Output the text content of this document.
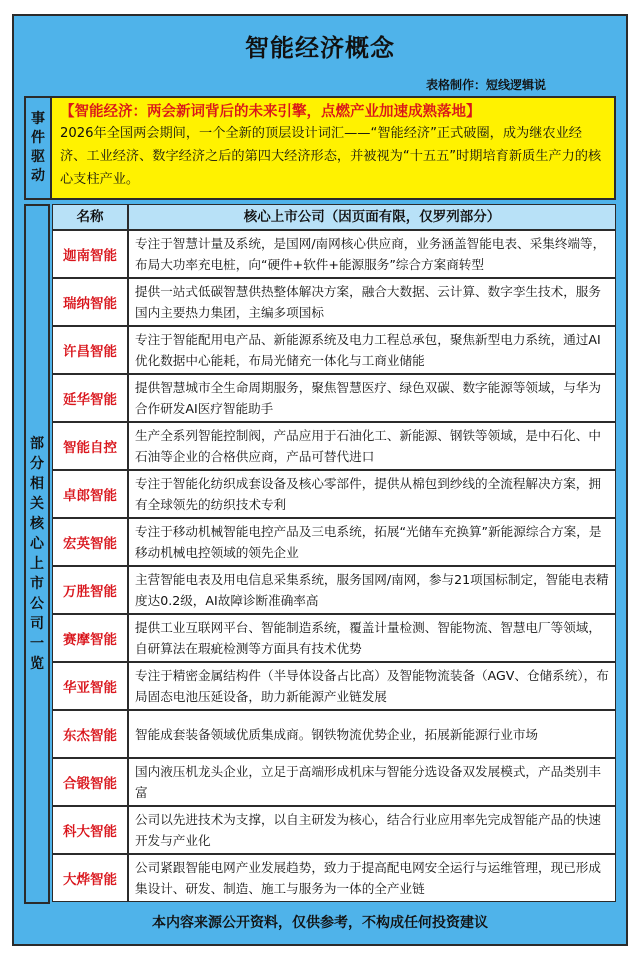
智能经济概念
表格制作：短线逻辑说
事
件
驱
动
【智能经济：两会新词背后的未来引擎，点燃产业加速成熟落地】
2026年全国两会期间，一个全新的顶层设计词汇——“智能经济”正式破圈，成为继农业经济、工业经济、数字经济之后的第四大经济形态，并被视为“十五五”时期培育新质生产力的核心支柱产业。
部
分
相
关
核
心
上
市
公
司
一
览
名称	核心上市公司（因页面有限，仅罗列部分）
迦南智能
专注于智慧计量及系统，是国网/南网核心供应商，业务涵盖智能电表、采集终端等，布局大功率充电桩，向“硬件+软件+能源服务”综合方案商转型
瑞纳智能
提供一站式低碳智慧供热整体解决方案，融合大数据、云计算、数字孪生技术，服务国内主要热力集团，主编多项国标
许昌智能
专注于智能配用电产品、新能源系统及电力工程总承包，聚焦新型电力系统，通过AI优化数据中心能耗，布局光储充一体化与工商业储能
延华智能
提供智慧城市全生命周期服务，聚焦智慧医疗、绿色双碳、数字能源等领域，与华为合作研发AI医疗智能助手
智能自控
生产全系列智能控制阀，产品应用于石油化工、新能源、钢铁等领域，是中石化、中石油等企业的合格供应商，产品可替代进口
卓郎智能
专注于智能化纺织成套设备及核心零部件，提供从棉包到纱线的全流程解决方案，拥有全球领先的纺织技术专利
宏英智能
专注于移动机械智能电控产品及三电系统，拓展“光储车充换算”新能源综合方案，是移动机械电控领域的领先企业
万胜智能
主营智能电表及用电信息采集系统，服务国网/南网，参与21项国标制定，智能电表精度达0.2级，AI故障诊断准确率高
赛摩智能
提供工业互联网平台、智能制造系统，覆盖计量检测、智能物流、智慧电厂等领域，自研算法在瑕疵检测等方面具有技术优势
华亚智能
专注于精密金属结构件（半导体设备占比高）及智能物流装备（AGV、仓储系统），布局固态电池压延设备，助力新能源产业链发展
东杰智能	智能成套装备领域优质集成商。钢铁物流优势企业，拓展新能源行业市场
合锻智能
国内液压机龙头企业，立足于高端形成机床与智能分选设备双发展模式，产品类别丰富
科大智能
公司以先进技术为支撑，以自主研发为核心，结合行业应用率先完成智能产品的快速开发与产业化
大烨智能
公司紧跟智能电网产业发展趋势，致力于提高配电网安全运行与运维管理，现已形成集设计、研发、制造、施工与服务为一体的全产业链
本内容来源公开资料，仅供参考，不构成任何投资建议
